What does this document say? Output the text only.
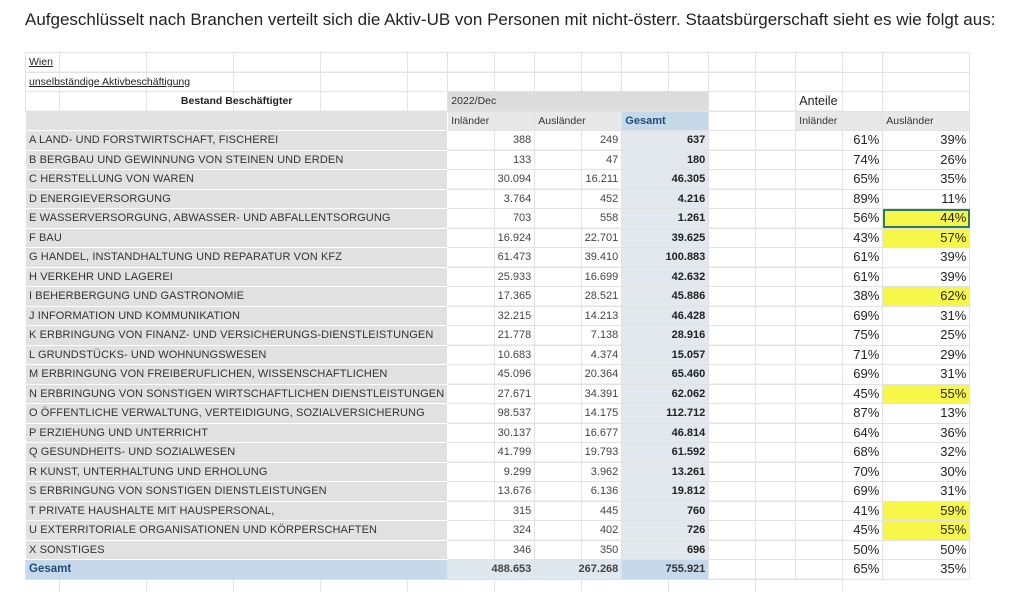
Aufgeschlüsselt nach Branchen verteilt sich die Aktiv-UB von Personen mit nicht-österr. Staatsbürgerschaft sieht es wie folgt aus:
Wien						
unselbständige Aktivbeschäftigung						
Bestand Beschäftigter	2022/Dec				Anteile	
	Inländer	Ausländer	Gesamt		Inländer	Ausländer
A LAND- UND FORSTWIRTSCHAFT, FISCHEREI	388	249	637		61%	39%
B BERGBAU UND GEWINNUNG VON STEINEN UND ERDEN	133	47	180		74%	26%
C HERSTELLUNG VON WAREN	30.094	16.211	46.305		65%	35%
D ENERGIEVERSORGUNG	3.764	452	4.216		89%	11%
E WASSERVERSORGUNG, ABWASSER- UND ABFALLENTSORGUNG	703	558	1.261		56%	44%
F BAU	16.924	22.701	39.625		43%	57%
G HANDEL, INSTANDHALTUNG UND REPARATUR VON KFZ	61.473	39.410	100.883		61%	39%
H VERKEHR UND LAGEREI	25.933	16.699	42.632		61%	39%
I BEHERBERGUNG UND GASTRONOMIE	17.365	28.521	45.886		38%	62%
J INFORMATION UND KOMMUNIKATION	32.215	14.213	46.428		69%	31%
K ERBRINGUNG VON FINANZ- UND VERSICHERUNGS-DIENSTLEISTUNGEN	21.778	7.138	28.916		75%	25%
L GRUNDSTÜCKS- UND WOHNUNGSWESEN	10.683	4.374	15.057		71%	29%
M ERBRINGUNG VON FREIBERUFLICHEN, WISSENSCHAFTLICHEN	45.096	20.364	65.460		69%	31%
N ERBRINGUNG VON SONSTIGEN WIRTSCHAFTLICHEN DIENSTLEISTUNGEN	27.671	34.391	62.062		45%	55%
O ÖFFENTLICHE VERWALTUNG, VERTEIDIGUNG, SOZIALVERSICHERUNG	98.537	14.175	112.712		87%	13%
P ERZIEHUNG UND UNTERRICHT	30.137	16.677	46.814		64%	36%
Q GESUNDHEITS- UND SOZIALWESEN	41.799	19.793	61.592		68%	32%
R KUNST, UNTERHALTUNG UND ERHOLUNG	9.299	3.962	13.261		70%	30%
S ERBRINGUNG VON SONSTIGEN DIENSTLEISTUNGEN	13.676	6.136	19.812		69%	31%
T PRIVATE HAUSHALTE MIT HAUSPERSONAL,	315	445	760		41%	59%
U EXTERRITORIALE ORGANISATIONEN UND KÖRPERSCHAFTEN	324	402	726		45%	55%
X SONSTIGES	346	350	696		50%	50%
Gesamt	488.653	267.268	755.921		65%	35%
